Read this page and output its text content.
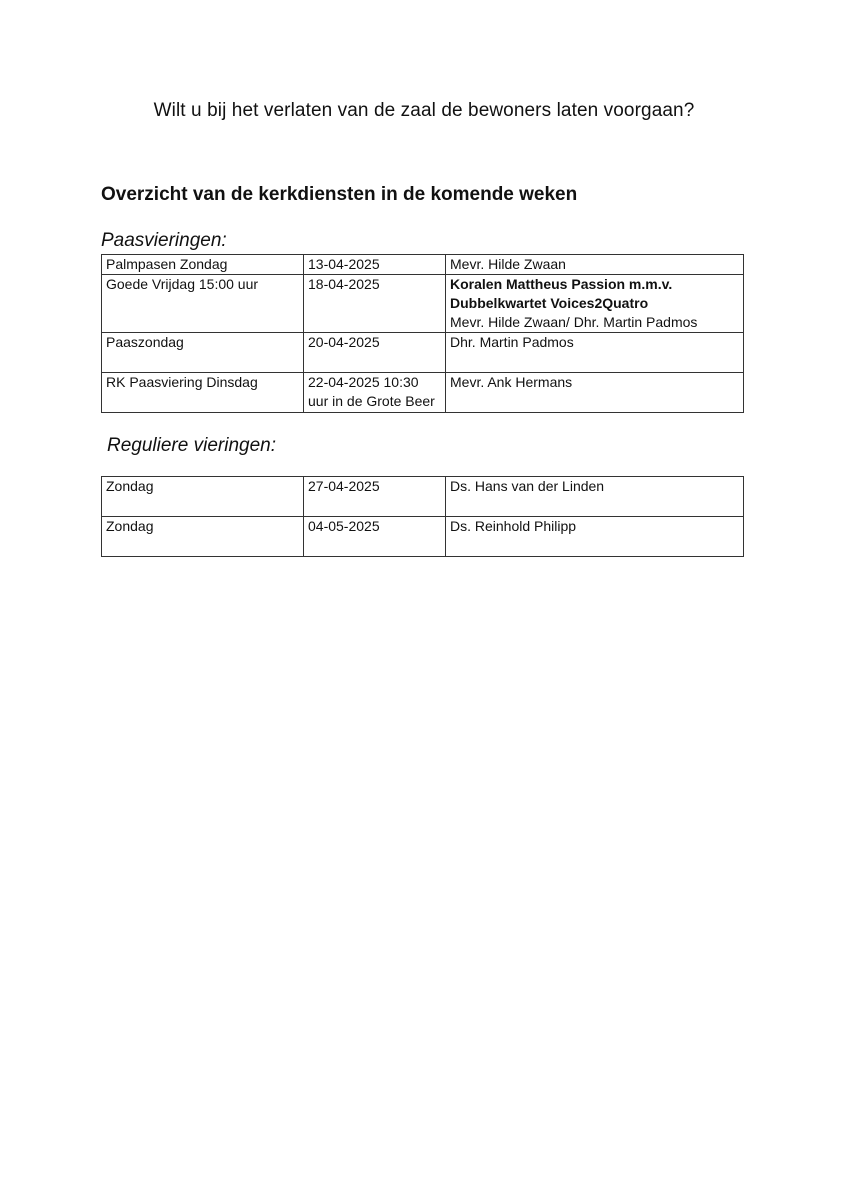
Wilt u bij het verlaten van de zaal de bewoners laten voorgaan?
Overzicht van de kerkdiensten in de komende weken
Paasvieringen:
Palmpasen Zondag	13-04-2025	Mevr. Hilde Zwaan

Goede Vrijdag 15:00 uur	18-04-2025	Koralen Mattheus Passion m.m.v.
Dubbelkwartet Voices2Quatro
Mevr. Hilde Zwaan/ Dhr. Martin Padmos

Paaszondag	20-04-2025	Dhr. Martin Padmos

RK Paasviering Dinsdag	22-04-2025 10:30
uur in de Grote Beer	Mevr. Ank Hermans
Reguliere vieringen:
Zondag	27-04-2025	Ds. Hans van der Linden

Zondag	04-05-2025	Ds. Reinhold Philipp
